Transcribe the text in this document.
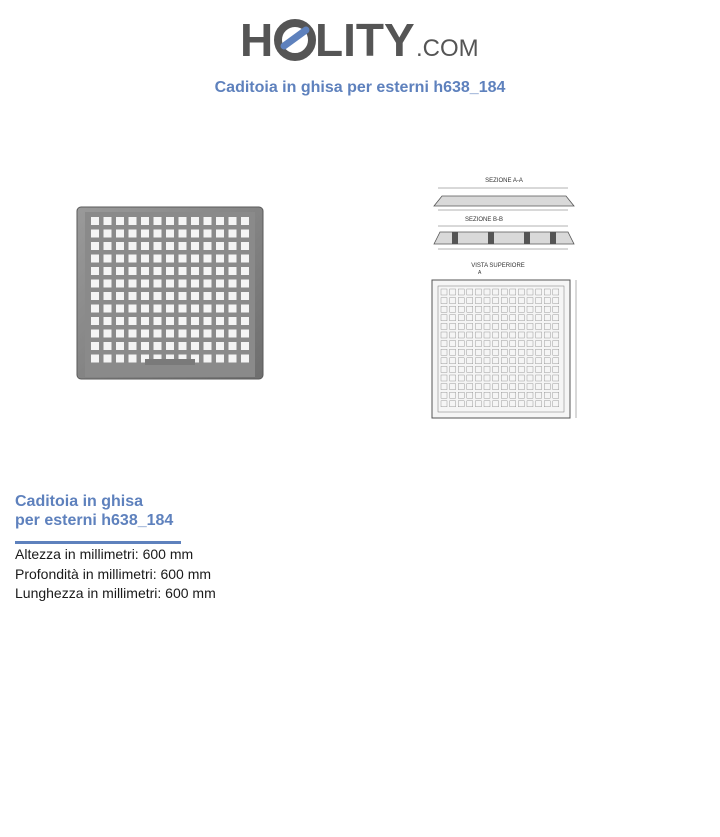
H LITY .COM
Caditoia in ghisa per esterni h638_184
SEZIONE A-A
SEZIONE B-B
VISTA SUPERIORE
A
Caditoia in ghisa
per esterni h638_184
Altezza in millimetri: 600 mm
Profondità in millimetri: 600 mm
Lunghezza in millimetri: 600 mm
